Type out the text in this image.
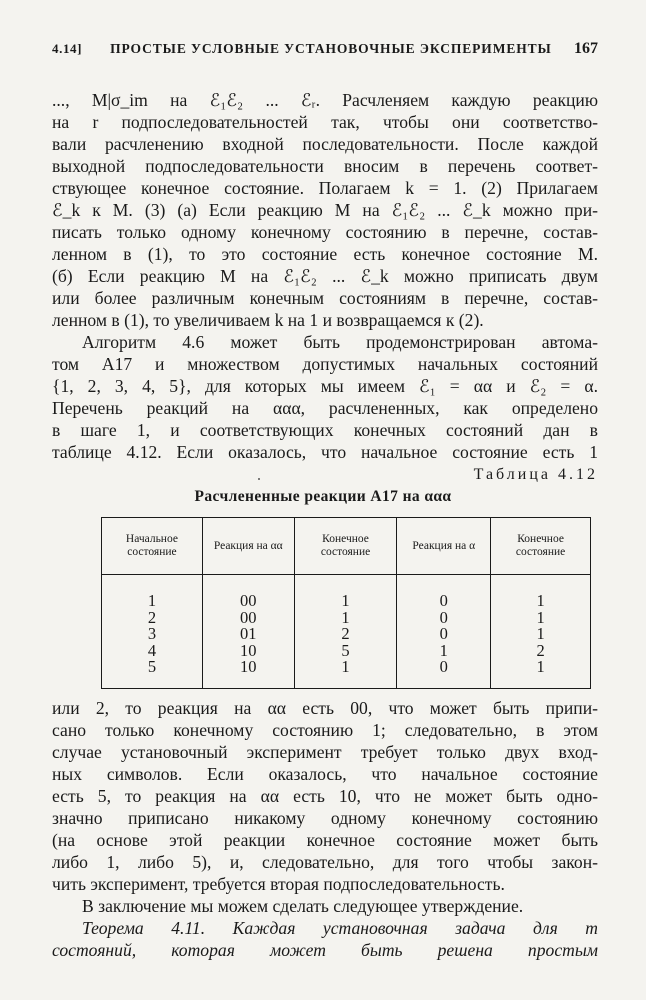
4.14]	ПРОСТЫЕ УСЛОВНЫЕ УСТАНОВОЧНЫЕ ЭКСПЕРИМЕНТЫ	167
..., M|σ_im на ℰ₁ℰ₂ ... ℰᵣ. Расчленяем каждую реакцию
на r подпоследовательностей так, чтобы они соответство-
вали расчленению входной последовательности. После каждой
выходной подпоследовательности вносим в перечень соответ-
ствующее конечное состояние. Полагаем k = 1. (2) Прилагаем
ℰ_k к M. (3) (а) Если реакцию M на ℰ₁ℰ₂ ... ℰ_k можно при-
писать только одному конечному состоянию в перечне, состав-
ленном в (1), то это состояние есть конечное состояние M.
(б) Если реакцию M на ℰ₁ℰ₂ ... ℰ_k можно приписать двум
или более различным конечным состояниям в перечне, состав-
ленном в (1), то увеличиваем k на 1 и возвращаемся к (2).
Алгоритм 4.6 может быть продемонстрирован автома-
том A17 и множеством допустимых начальных состояний
{1, 2, 3, 4, 5}, для которых мы имеем ℰ₁ = αα и ℰ₂ = α.
Перечень реакций на ααα, расчлененных, как определено
в шаге 1, и соответствующих конечных состояний дан в
таблице 4.12. Если оказалось, что начальное состояние есть 1
Таблица 4.12
Расчлененные реакции A17 на ααα
Начальное состояние	Реакция на αα	Конечное состояние	Реакция на α	Конечное состояние

1	00	1	0	1
2	00	1	0	1
3	01	2	0	1
4	10	5	1	2
5	10	1	0	1

или 2, то реакция на αα есть 00, что может быть припи-
сано только конечному состоянию 1; следовательно, в этом
случае установочный эксперимент требует только двух вход-
ных символов. Если оказалось, что начальное состояние
есть 5, то реакция на αα есть 10, что не может быть одно-
значно приписано никакому одному конечному состоянию
(на основе этой реакции конечное состояние может быть
либо 1, либо 5), и, следовательно, для того чтобы закон-
чить эксперимент, требуется вторая подпоследовательность.
В заключение мы можем сделать следующее утверждение.
Теорема 4.11. Каждая установочная задача для m
состояний, которая может быть решена простым
